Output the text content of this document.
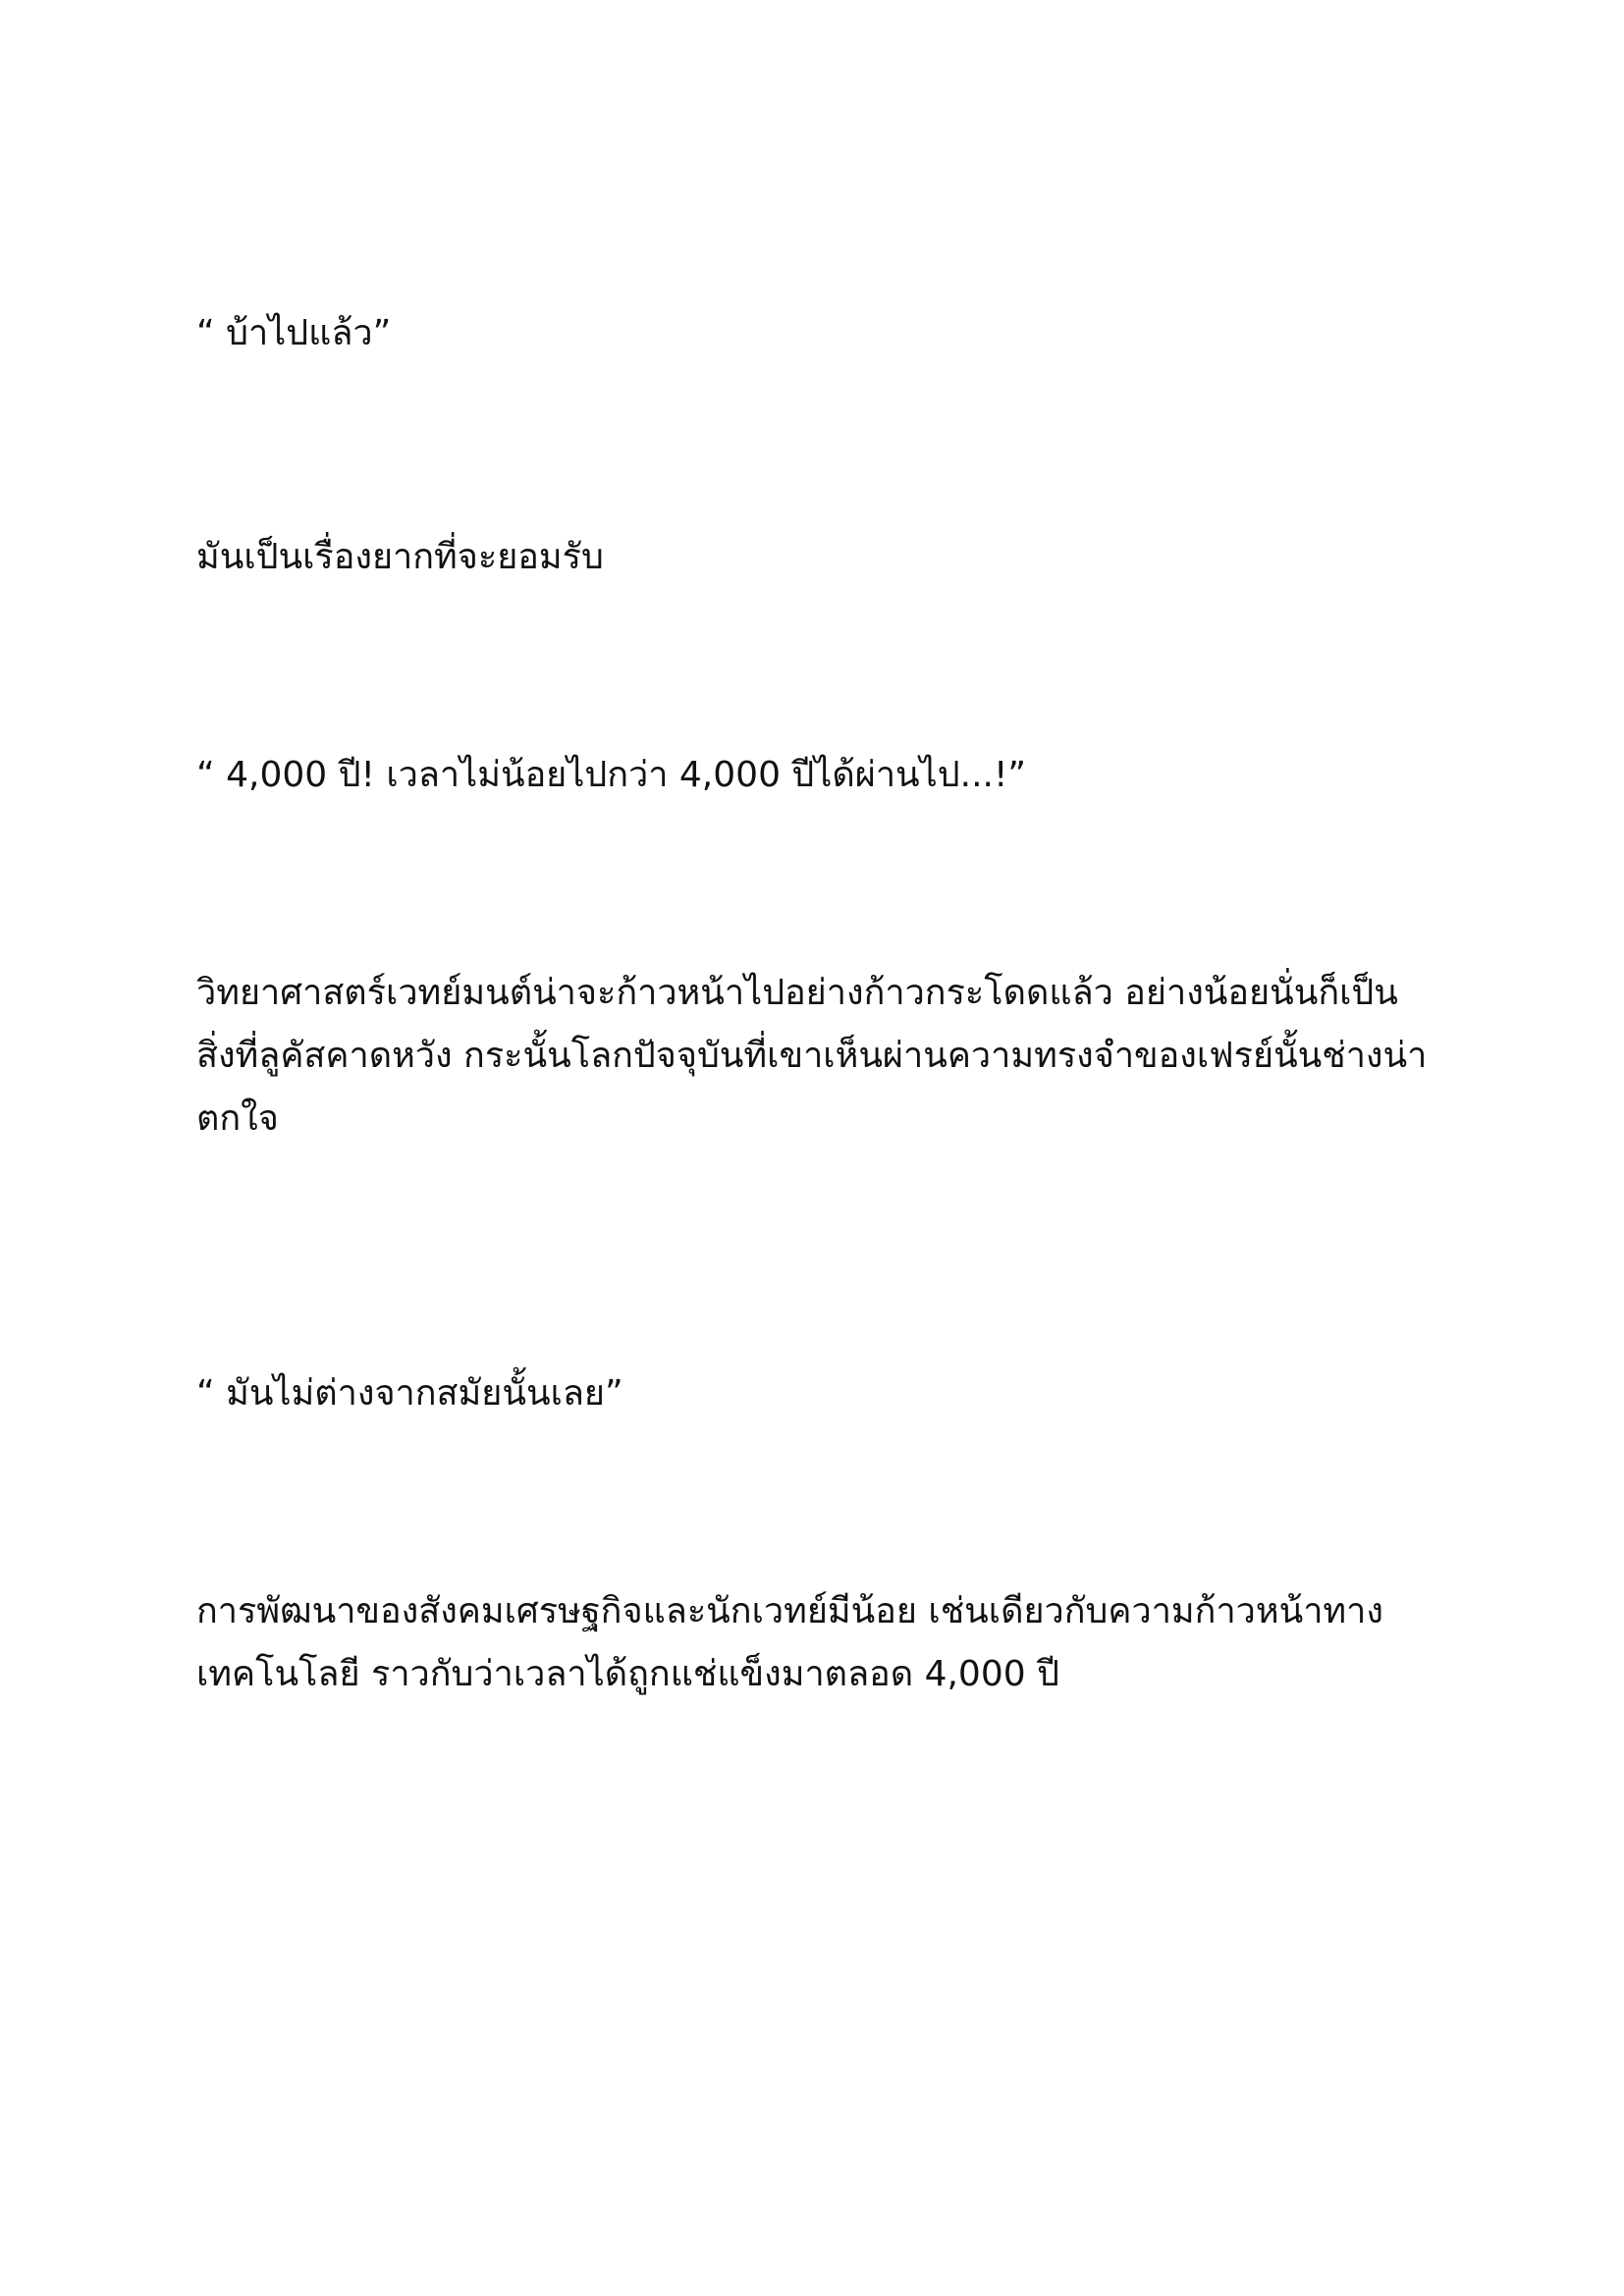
“ บ้าไปแล้ว”

มันเป็นเรื่องยากที่จะยอมรับ

“ 4,000 ปี! เวลาไม่น้อยไปกว่า 4,000 ปีได้ผ่านไป...!”

วิทยาศาสตร์เวทย์มนต์น่าจะก้าวหน้าไปอย่างก้าวกระโดดแล้ว อย่างน้อยนั่นก็เป็นสิ่งที่ลูคัสคาดหวัง กระนั้นโลกปัจจุบันที่เขาเห็นผ่านความทรงจำของเฟรย์นั้นช่างน่าตกใจ

“ มันไม่ต่างจากสมัยนั้นเลย”

การพัฒนาของสังคมเศรษฐกิจและนักเวทย์มีน้อย เช่นเดียวกับความก้าวหน้าทางเทคโนโลยี ราวกับว่าเวลาได้ถูกแช่แข็งมาตลอด 4,000 ปี
